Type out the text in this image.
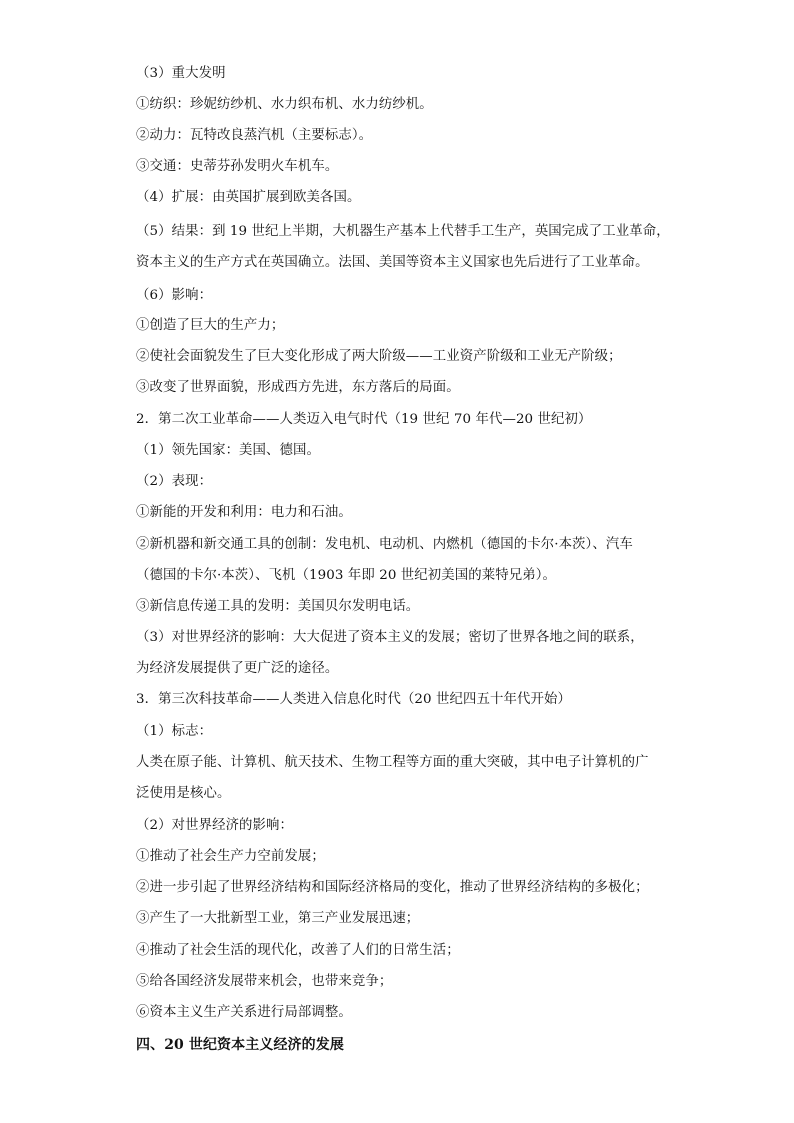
（3）重大发明
①纺织：珍妮纺纱机、水力织布机、水力纺纱机。
②动力：瓦特改良蒸汽机（主要标志）。
③交通：史蒂芬孙发明火车机车。
（4）扩展：由英国扩展到欧美各国。
（5）结果：到 19 世纪上半期，大机器生产基本上代替手工生产，英国完成了工业革命，
资本主义的生产方式在英国确立。法国、美国等资本主义国家也先后进行了工业革命。
（6）影响：
①创造了巨大的生产力；
②使社会面貌发生了巨大变化形成了两大阶级——工业资产阶级和工业无产阶级；
③改变了世界面貌，形成西方先进，东方落后的局面。
2．第二次工业革命——人类迈入电气时代（19 世纪 70 年代—20 世纪初）
（1）领先国家：美国、德国。
（2）表现：
①新能的开发和利用：电力和石油。
②新机器和新交通工具的创制：发电机、电动机、内燃机（德国的卡尔·本茨）、汽车
（德国的卡尔·本茨）、飞机（1903 年即 20 世纪初美国的莱特兄弟）。
③新信息传递工具的发明：美国贝尔发明电话。
（3）对世界经济的影响：大大促进了资本主义的发展；密切了世界各地之间的联系，
为经济发展提供了更广泛的途径。
3．第三次科技革命——人类进入信息化时代（20 世纪四五十年代开始）
（1）标志：
人类在原子能、计算机、航天技术、生物工程等方面的重大突破，其中电子计算机的广
泛使用是核心。
（2）对世界经济的影响：
①推动了社会生产力空前发展；
②进一步引起了世界经济结构和国际经济格局的变化，推动了世界经济结构的多极化；
③产生了一大批新型工业，第三产业发展迅速；
④推动了社会生活的现代化，改善了人们的日常生活；
⑤给各国经济发展带来机会，也带来竞争；
⑥资本主义生产关系进行局部调整。
四、20 世纪资本主义经济的发展
